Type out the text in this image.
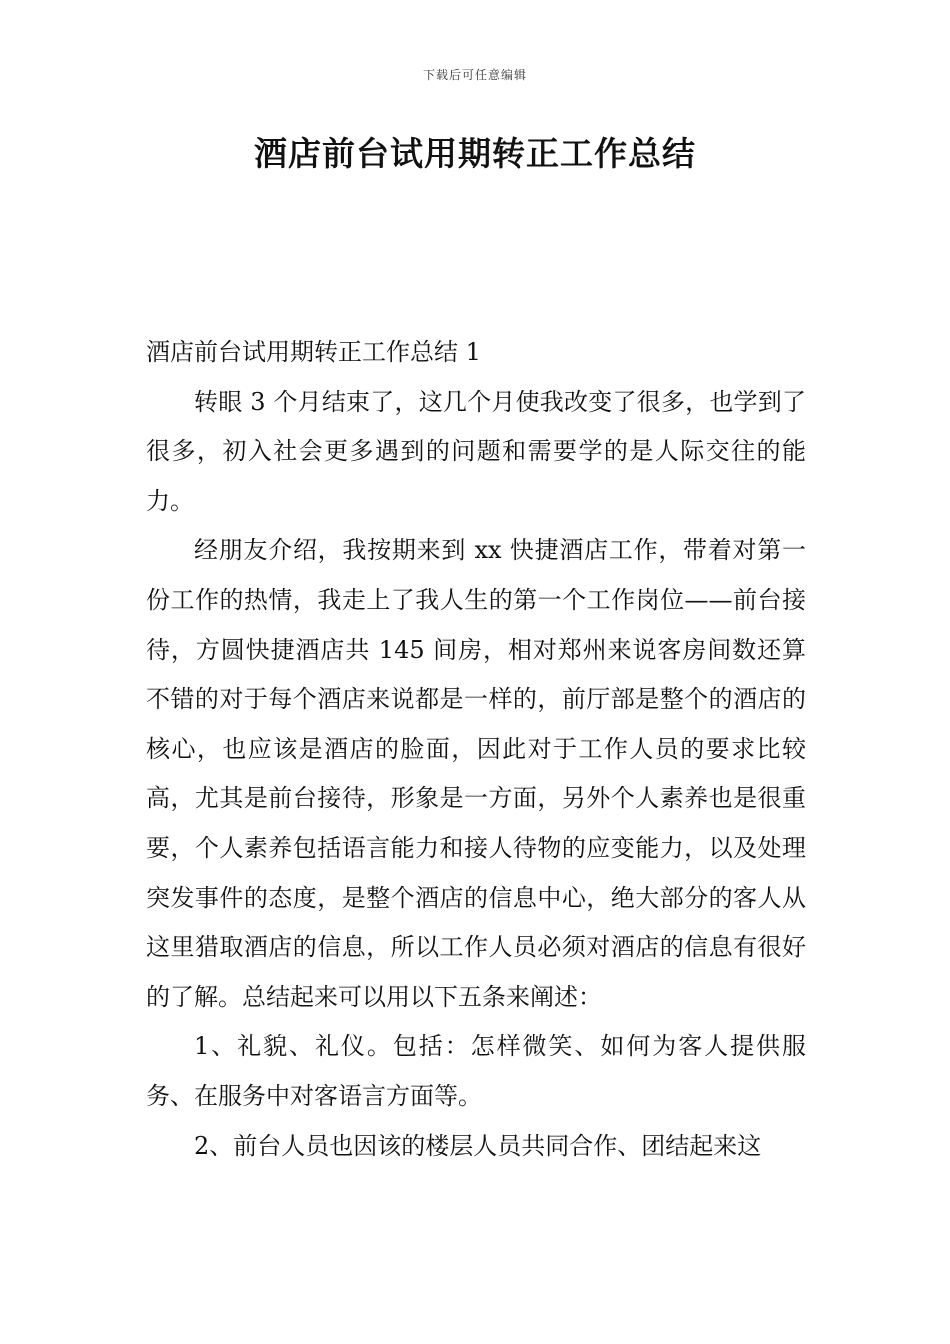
下载后可任意编辑
酒店前台试用期转正工作总结

酒店前台试用期转正工作总结 1

转眼 3 个月结束了，这几个月使我改变了很多，也学到了很多，初入社会更多遇到的问题和需要学的是人际交往的能力。

经朋友介绍，我按期来到 xx 快捷酒店工作，带着对第一份工作的热情，我走上了我人生的第一个工作岗位——前台接待，方圆快捷酒店共 145 间房，相对郑州来说客房间数还算不错的对于每个酒店来说都是一样的，前厅部是整个的酒店的核心，也应该是酒店的脸面，因此对于工作人员的要求比较高，尤其是前台接待，形象是一方面，另外个人素养也是很重要，个人素养包括语言能力和接人待物的应变能力，以及处理突发事件的态度，是整个酒店的信息中心，绝大部分的客人从这里猎取酒店的信息，所以工作人员必须对酒店的信息有很好的了解。总结起来可以用以下五条来阐述：

1、礼貌、礼仪。包括：怎样微笑、如何为客人提供服务、在服务中对客语言方面等。

2、前台人员也因该的楼层人员共同合作、团结起来这
